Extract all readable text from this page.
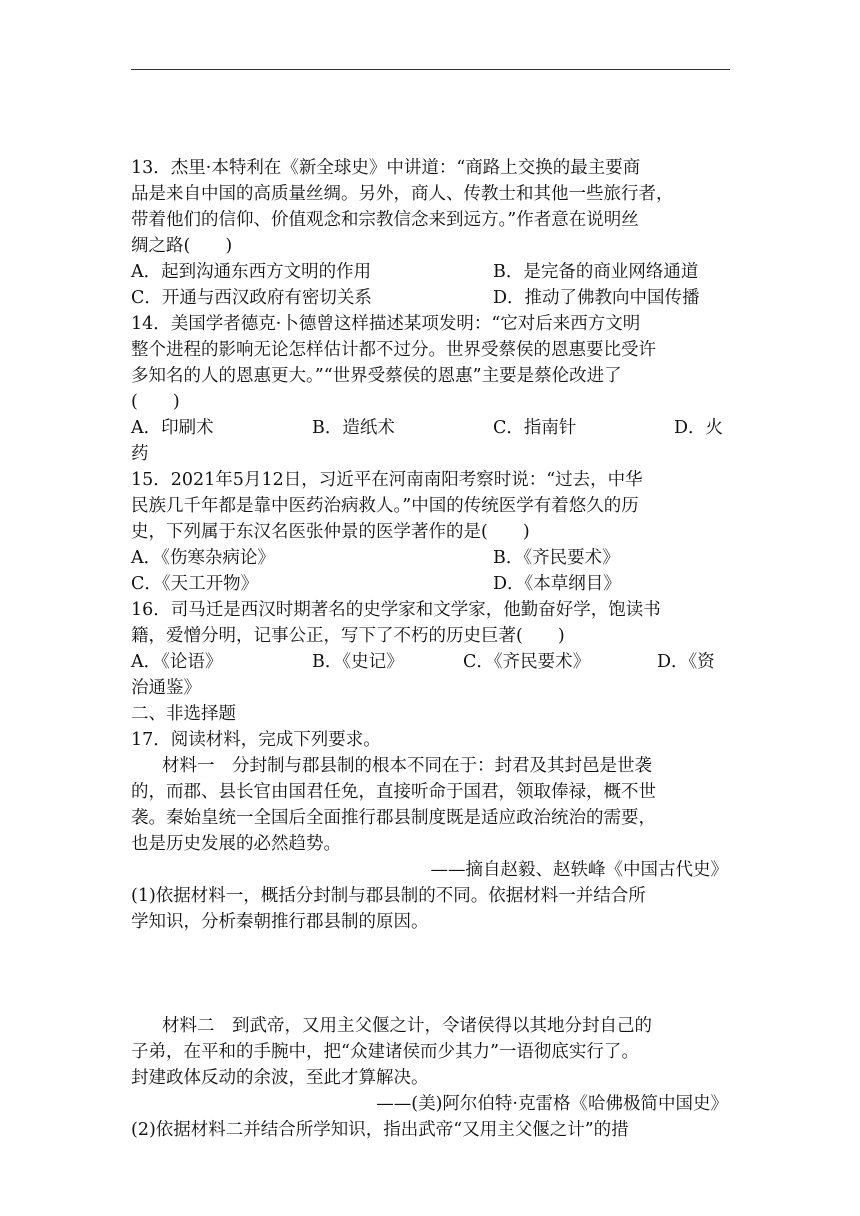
13．杰里·本特利在《新全球史》中讲道：“商路上交换的最主要商
品是来自中国的高质量丝绸。另外，商人、传教士和其他一些旅行者，
带着他们的信仰、价值观念和宗教信念来到远方。”作者意在说明丝
绸之路(　　)
A．起到沟通东西方文明的作用	B．是完备的商业网络通道
C．开通与西汉政府有密切关系	D．推动了佛教向中国传播
14．美国学者德克·卜德曾这样描述某项发明：“它对后来西方文明
整个进程的影响无论怎样估计都不过分。世界受蔡侯的恩惠要比受许
多知名的人的恩惠更大。”“世界受蔡侯的恩惠”主要是蔡伦改进了
(　　)
A．印刷术	B．造纸术	C．指南针	D．火
药
15．2021年5月12日，习近平在河南南阳考察时说：“过去，中华
民族几千年都是靠中医药治病救人。”中国的传统医学有着悠久的历
史，下列属于东汉名医张仲景的医学著作的是(　　)
A．《伤寒杂病论》	B．《齐民要术》
C．《天工开物》	D．《本草纲目》
16．司马迁是西汉时期著名的史学家和文学家，他勤奋好学，饱读书
籍，爱憎分明，记事公正，写下了不朽的历史巨著(　　)
A．《论语》	B．《史记》	C．《齐民要术》	D．《资
治通鉴》
二、非选择题
17．阅读材料，完成下列要求。
材料一　分封制与郡县制的根本不同在于：封君及其封邑是世袭
的，而郡、县长官由国君任免，直接听命于国君，领取俸禄，概不世
袭。秦始皇统一全国后全面推行郡县制度既是适应政治统治的需要，
也是历史发展的必然趋势。
——摘自赵毅、赵轶峰《中国古代史》
(1)依据材料一，概括分封制与郡县制的不同。依据材料一并结合所
学知识，分析秦朝推行郡县制的原因。
材料二　到武帝，又用主父偃之计，令诸侯得以其地分封自己的
子弟，在平和的手腕中，把“众建诸侯而少其力”一语彻底实行了。
封建政体反动的余波，至此才算解决。
——(美)阿尔伯特·克雷格《哈佛极简中国史》
(2)依据材料二并结合所学知识，指出武帝“又用主父偃之计”的措
